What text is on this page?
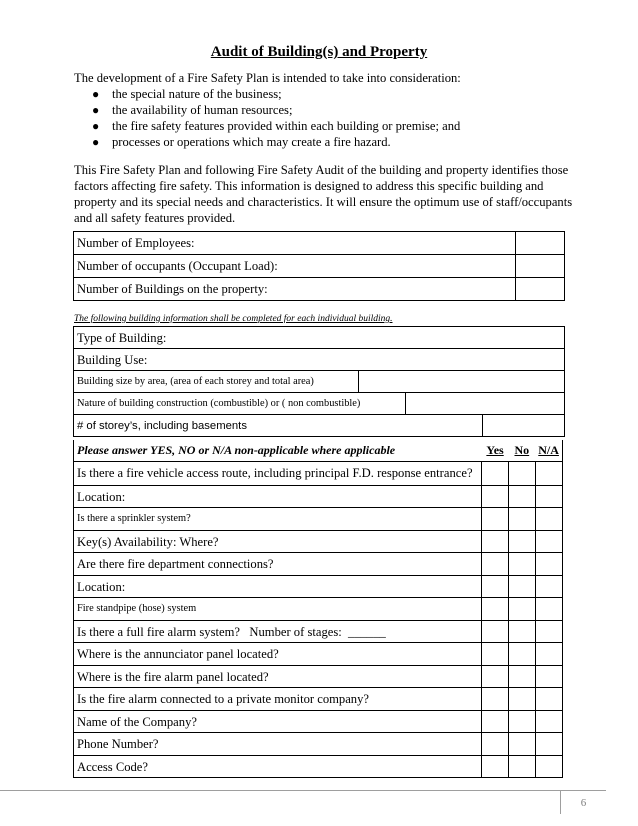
Audit of Building(s) and Property
The development of a Fire Safety Plan is intended to take into consideration:
● the special nature of the business;
● the availability of human resources;
● the fire safety features provided within each building or premise; and
● processes or operations which may create a fire hazard.
This Fire Safety Plan and following Fire Safety Audit of the building and property identifies those factors affecting fire safety. This information is designed to address this specific building and property and its special needs and characteristics. It will ensure the optimum use of staff/occupants and all safety features provided.
Number of Employees:
Number of occupants (Occupant Load):
Number of Buildings on the property:
The following building information shall be completed for each individual building.
Type of Building:
Building Use:
Building size by area, (area of each storey and total area)
Nature of building construction (combustible) or ( non combustible)
# of storey’s, including basements
Please answer YES, NO or N/A non-applicable where applicable	Yes No N/A
Is there a fire vehicle access route, including principal F.D. response entrance?
Location:
Is there a sprinkler system?
Key(s) Availability: Where?
Are there fire department connections?
Location:
Fire standpipe (hose) system
Is there a full fire alarm system?   Number of stages:  ______
Where is the annunciator panel located?
Where is the fire alarm panel located?
Is the fire alarm connected to a private monitor company?
Name of the Company?
Phone Number?
Access Code?
6
